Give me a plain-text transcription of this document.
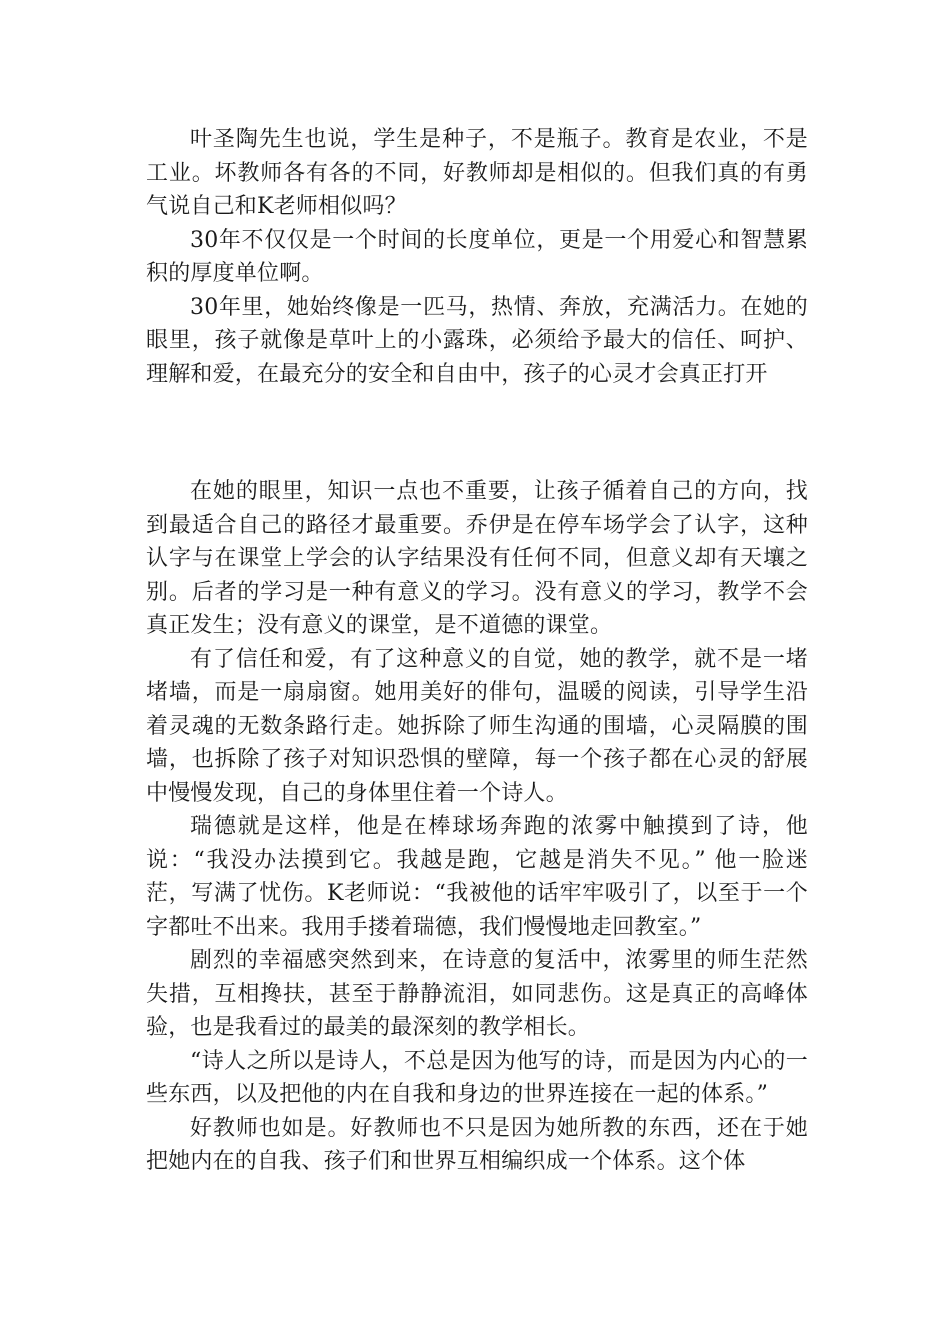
叶圣陶先生也说，学生是种子，不是瓶子。教育是农业，不是工业。坏教师各有各的不同，好教师却是相似的。但我们真的有勇气说自己和K老师相似吗？

30年不仅仅是一个时间的长度单位，更是一个用爱心和智慧累积的厚度单位啊。

30年里，她始终像是一匹马，热情、奔放，充满活力。在她的眼里，孩子就像是草叶上的小露珠，必须给予最大的信任、呵护、理解和爱，在最充分的安全和自由中，孩子的心灵才会真正打开

在她的眼里，知识一点也不重要，让孩子循着自己的方向，找到最适合自己的路径才最重要。乔伊是在停车场学会了认字，这种认字与在课堂上学会的认字结果没有任何不同，但意义却有天壤之别。后者的学习是一种有意义的学习。没有意义的学习，教学不会真正发生；没有意义的课堂，是不道德的课堂。

有了信任和爱，有了这种意义的自觉，她的教学，就不是一堵堵墙，而是一扇扇窗。她用美好的俳句，温暖的阅读，引导学生沿着灵魂的无数条路行走。她拆除了师生沟通的围墙，心灵隔膜的围墙，也拆除了孩子对知识恐惧的壁障，每一个孩子都在心灵的舒展中慢慢发现，自己的身体里住着一个诗人。

瑞德就是这样，他是在棒球场奔跑的浓雾中触摸到了诗，他说：“我没办法摸到它。我越是跑，它越是消失不见。” 他一脸迷茫，写满了忧伤。K老师说：“我被他的话牢牢吸引了，以至于一个字都吐不出来。我用手搂着瑞德，我们慢慢地走回教室。”

剧烈的幸福感突然到来，在诗意的复活中，浓雾里的师生茫然失措，互相搀扶，甚至于静静流泪，如同悲伤。这是真正的高峰体验，也是我看过的最美的最深刻的教学相长。

“诗人之所以是诗人，不总是因为他写的诗，而是因为内心的一些东西，以及把他的内在自我和身边的世界连接在一起的体系。”

好教师也如是。好教师也不只是因为她所教的东西，还在于她把她内在的自我、孩子们和世界互相编织成一个体系。这个体
